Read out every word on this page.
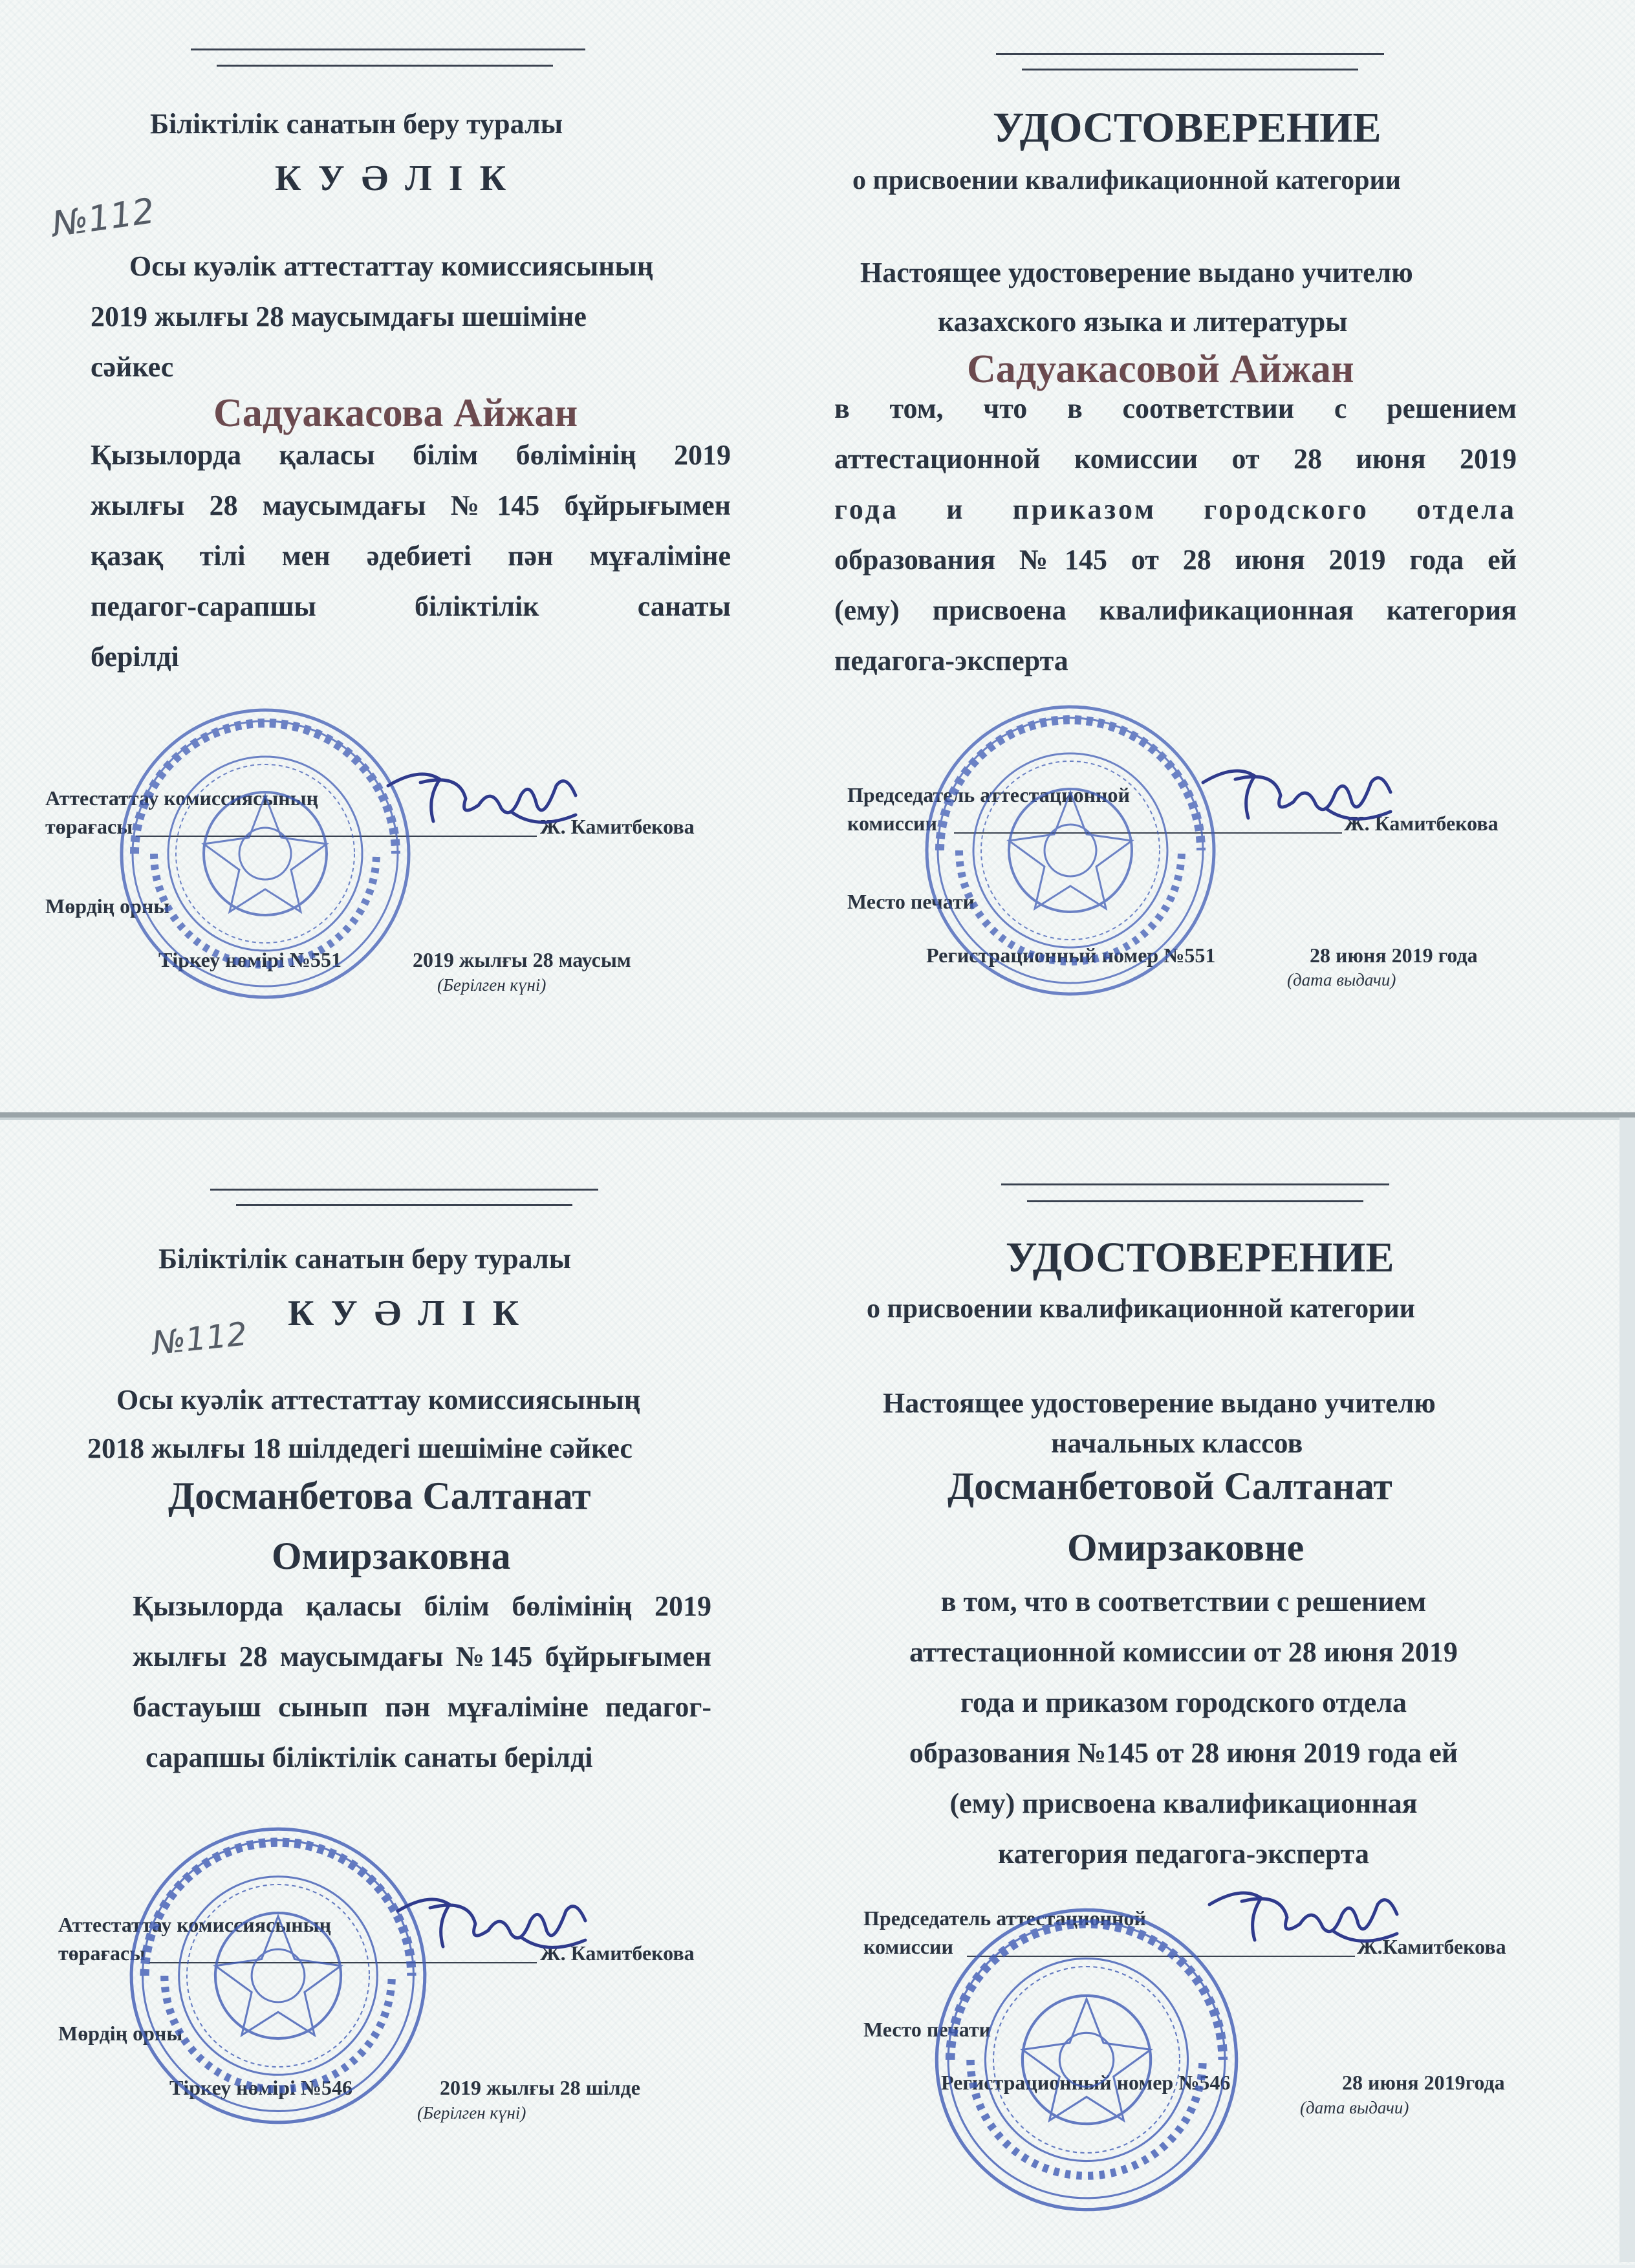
Біліктілік санатын беру туралы
К У Ә Л І К
№112
Осы куәлік аттестаттау комиссиясының
2019 жылғы 28 маусымдағы шешіміне
сәйкес
Садуакасова Айжан
Қызылорда қаласы білім бөлімінің 2019
жылғы 28 маусымдағы №145 бұйрығымен
қазақ тілі мен әдебиеті пән мұғаліміне
педагог-сарапшы біліктілік санаты
берілді
Аттестаттау комиссиясының
төрағасы	Ж. Камитбекова
Мөрдің орны
Тіркеу нөмірі №551	2019 жылғы 28 маусым
(Берілген күні)
УДОСТОВЕРЕНИЕ
о присвоении квалификационной категории
Настоящее удостоверение выдано учителю
казахского языка и литературы
Садуакасовой Айжан
в том, что в соответствии с решением
аттестационной комиссии от 28 июня 2019
года и приказом городского отдела
образования №145 от 28 июня 2019 года ей
(ему) присвоена квалификационная категория
педагога-эксперта
Председатель аттестационной
комиссии	Ж. Камитбекова
Место печати
Регистрационный номер №551	28 июня 2019 года
(дата выдачи)
Біліктілік санатын беру туралы
К У Ә Л І К
№112
Осы куәлік аттестаттау комиссиясының
2018 жылғы 18 шілдедегі шешіміне сәйкес
Досманбетова Салтанат
Омирзаковна
Қызылорда қаласы білім бөлімінің 2019
жылғы 28 маусымдағы №145 бұйрығымен
бастауыш сынып пән мұғаліміне педагог-
сарапшы біліктілік санаты берілді
Аттестаттау комиссиясының
төрағасы	Ж. Камитбекова
Мөрдің орны
Тіркеу нөмірі №546	2019 жылғы 28 шілде
(Берілген күні)
УДОСТОВЕРЕНИЕ
о присвоении квалификационной категории
Настоящее удостоверение выдано учителю
начальных классов
Досманбетовой Салтанат
Омирзаковне
в том, что в соответствии с решением
аттестационной комиссии от 28 июня 2019
года и приказом городского отдела
образования №145 от 28 июня 2019 года ей
(ему) присвоена квалификационная
категория педагога-эксперта
Председатель аттестационной
комиссии	Ж.Камитбекова
Место печати
Регистрационный номер №546	28 июня 2019года
(дата выдачи)
